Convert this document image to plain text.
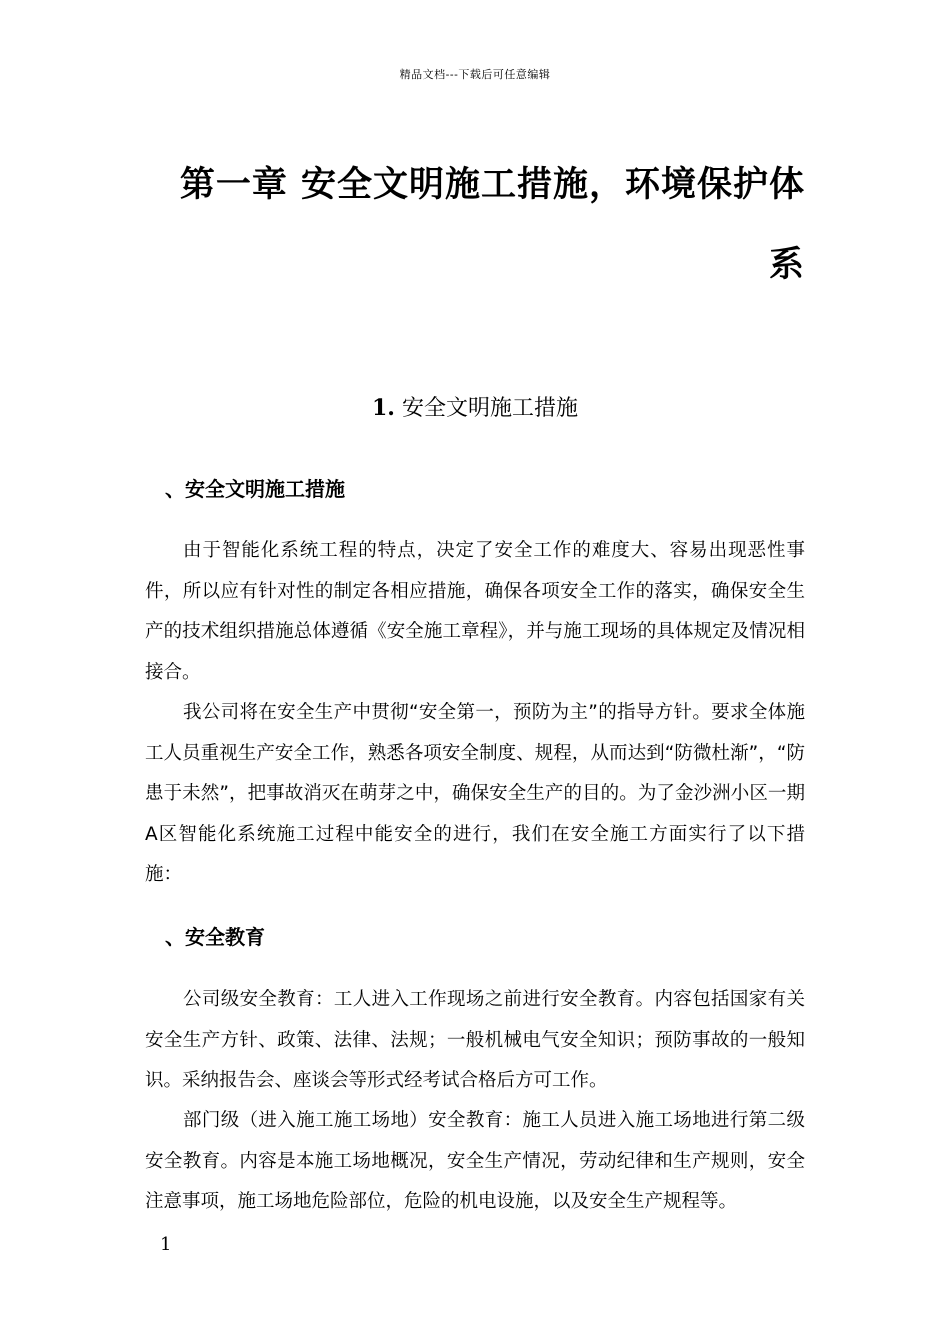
精品文档---下载后可任意编辑
第一章 安全文明施工措施，环境保护体系
1. 安全文明施工措施
、安全文明施工措施

由于智能化系统工程的特点，决定了安全工作的难度大、容易出现恶性事件，所以应有针对性的制定各相应措施，确保各项安全工作的落实，确保安全生产的技术组织措施总体遵循《安全施工章程》，并与施工现场的具体规定及情况相接合。

我公司将在安全生产中贯彻“安全第一，预防为主”的指导方针。要求全体施工人员重视生产安全工作，熟悉各项安全制度、规程，从而达到“防微杜渐”，“防患于未然”，把事故消灭在萌芽之中，确保安全生产的目的。为了金沙洲小区一期A区智能化系统施工过程中能安全的进行，我们在安全施工方面实行了以下措施：

、安全教育

公司级安全教育：工人进入工作现场之前进行安全教育。内容包括国家有关安全生产方针、政策、法律、法规；一般机械电气安全知识；预防事故的一般知识。采纳报告会、座谈会等形式经考试合格后方可工作。

部门级（进入施工施工场地）安全教育：施工人员进入施工场地进行第二级安全教育。内容是本施工场地概况，安全生产情况，劳动纪律和生产规则，安全注意事项，施工场地危险部位，危险的机电设施，以及安全生产规程等。

1
